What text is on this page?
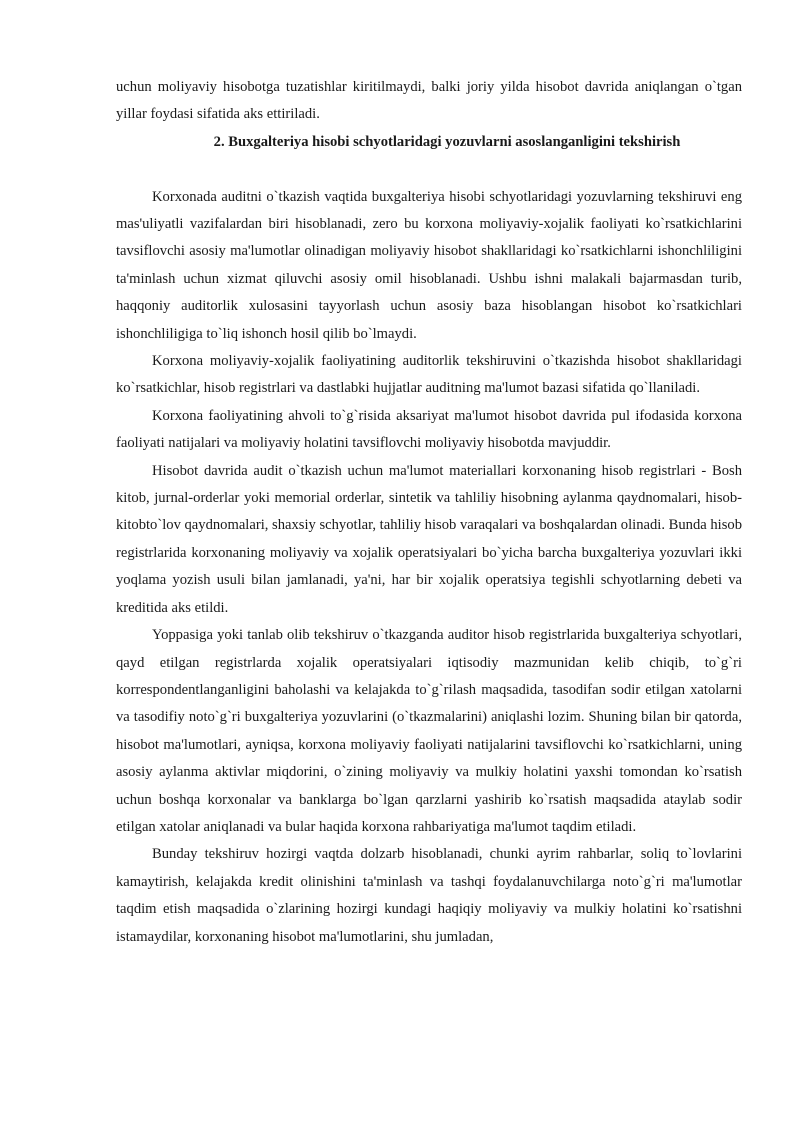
uchun moliyaviy hisobotga tuzatishlar kiritilmaydi, balki joriy yilda hisobot davrida aniqlangan o`tgan yillar foydasi sifatida aks ettiriladi.

2. Buxgalteriya hisobi schyotlaridagi yozuvlarni asoslanganligini tekshirish

Korxonada auditni o`tkazish vaqtida buxgalteriya hisobi schyotlaridagi yozuvlarning tekshiruvi eng mas'uliyatli vazifalardan biri hisoblanadi, zero bu korxona moliyaviy-xojalik faoliyati ko`rsatkichlarini tavsiflovchi asosiy ma'lumotlar olinadigan moliyaviy hisobot shakllaridagi ko`rsatkichlarni ishonchliligini ta'minlash uchun xizmat qiluvchi asosiy omil hisoblanadi. Ushbu ishni malakali bajarmasdan turib, haqqoniy auditorlik xulosasini tayyorlash uchun asosiy baza hisoblangan hisobot ko`rsatkichlari ishonchliligiga to`liq ishonch hosil qilib bo`lmaydi.

Korxona moliyaviy-xojalik faoliyatining auditorlik tekshiruvini o`tkazishda hisobot shakllaridagi ko`rsatkichlar, hisob registrlari va dastlabki hujjatlar auditning ma'lumot bazasi sifatida qo`llaniladi.

Korxona faoliyatining ahvoli to`g`risida aksariyat ma'lumot hisobot davrida pul ifodasida korxona faoliyati natijalari va moliyaviy holatini tavsiflovchi moliyaviy hisobotda mavjuddir.

Hisobot davrida audit o`tkazish uchun ma'lumot materiallari korxonaning hisob registrlari - Bosh kitob, jurnal-orderlar yoki memorial orderlar, sintetik va tahliliy hisobning aylanma qaydnomalari, hisob-kitobto`lov qaydnomalari, shaxsiy schyotlar, tahliliy hisob varaqalari va boshqalardan olinadi. Bunda hisob registrlarida korxonaning moliyaviy va xojalik operatsiyalari bo`yicha barcha buxgalteriya yozuvlari ikki yoqlama yozish usuli bilan jamlanadi, ya'ni, har bir xojalik operatsiya tegishli schyotlarning debeti va kreditida aks etildi.

Yoppasiga yoki tanlab olib tekshiruv o`tkazganda auditor hisob registrlarida buxgalteriya schyotlari, qayd etilgan registrlarda xojalik operatsiyalari iqtisodiy mazmunidan kelib chiqib, to`g`ri korrespondentlanganligini baholashi va kelajakda to`g`rilash maqsadida, tasodifan sodir etilgan xatolarni va tasodifiy noto`g`ri buxgalteriya yozuvlarini (o`tkazmalarini) aniqlashi lozim. Shuning bilan bir qatorda, hisobot ma'lumotlari, ayniqsa, korxona moliyaviy faoliyati natijalarini tavsiflovchi ko`rsatkichlarni, uning asosiy aylanma aktivlar miqdorini, o`zining moliyaviy va mulkiy holatini yaxshi tomondan ko`rsatish uchun boshqa korxonalar va banklarga bo`lgan qarzlarni yashirib ko`rsatish maqsadida ataylab sodir etilgan xatolar aniqlanadi va bular haqida korxona rahbariyatiga ma'lumot taqdim etiladi.

Bunday tekshiruv hozirgi vaqtda dolzarb hisoblanadi, chunki ayrim rahbarlar, soliq to`lovlarini kamaytirish, kelajakda kredit olinishini ta'minlash va tashqi foydalanuvchilarga noto`g`ri ma'lumotlar taqdim etish maqsadida o`zlarining hozirgi kundagi haqiqiy moliyaviy va mulkiy holatini ko`rsatishni istamaydilar, korxonaning hisobot ma'lumotlarini, shu jumladan,
